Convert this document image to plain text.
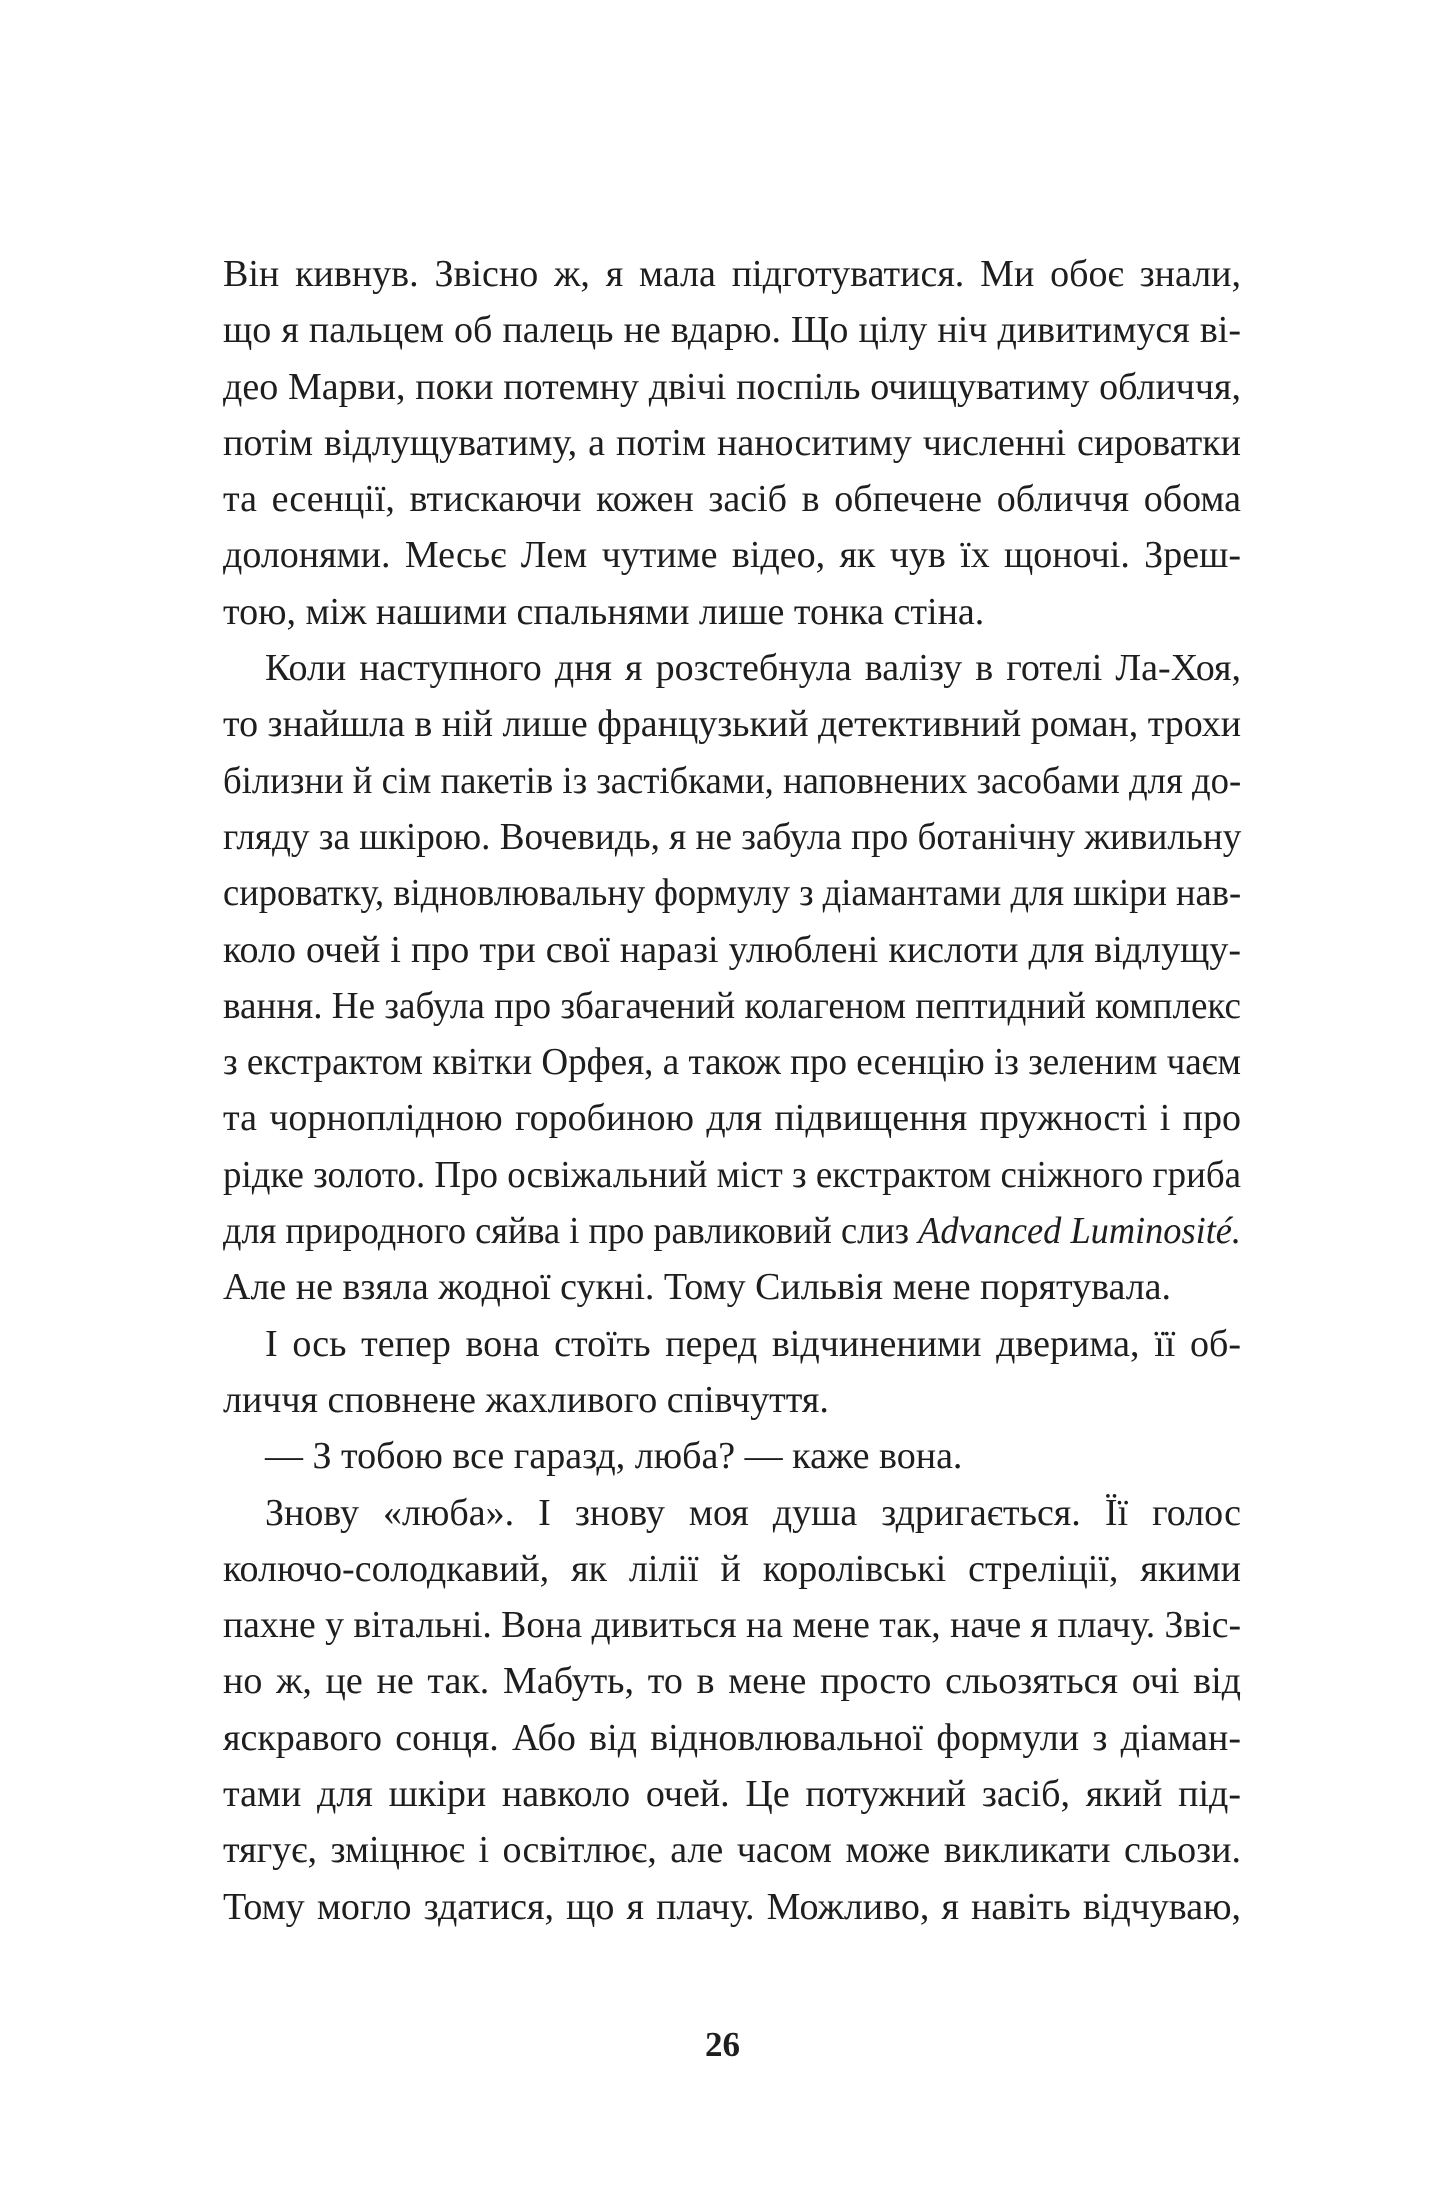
Він кивнув. Звісно ж, я мала підготуватися. Ми обоє знали,
що я пальцем об палець не вдарю. Що цілу ніч дивитимуся ві-
део Марви, поки потемну двічі поспіль очищуватиму обличчя,
потім відлущуватиму, а потім наноситиму численні сироватки
та есенції, втискаючи кожен засіб в обпечене обличчя обома
долонями. Месьє Лем чутиме відео, як чув їх щоночі. Зреш-
тою, між нашими спальнями лише тонка стіна.
Коли наступного дня я розстебнула валізу в готелі Ла-Хоя,
то знайшла в ній лише французький детективний роман, трохи
білизни й сім пакетів із застібками, наповнених засобами для до-
гляду за шкірою. Вочевидь, я не забула про ботанічну живильну
сироватку, відновлювальну формулу з діамантами для шкіри нав-
коло очей і про три свої наразі улюблені кислоти для відлущу-
вання. Не забула про збагачений колагеном пептидний комплекс
з екстрактом квітки Орфея, а також про есенцію із зеленим чаєм
та чорноплідною горобиною для підвищення пружності і про
рідке золото. Про освіжальний міст з екстрактом сніжного гриба
для природного сяйва і про равликовий слиз Advanced Luminosité.
Але не взяла жодної сукні. Тому Сильвія мене порятувала.
І ось тепер вона стоїть перед відчиненими дверима, її об-
личчя сповнене жахливого співчуття.
— З тобою все гаразд, люба? — каже вона.
Знову «люба». І знову моя душа здригається. Її голос
колючо-солодкавий, як лілії й королівські стреліції, якими
пахне у вітальні. Вона дивиться на мене так, наче я плачу. Звіс-
но ж, це не так. Мабуть, то в мене просто сльозяться очі від
яскравого сонця. Або від відновлювальної формули з діаман-
тами для шкіри навколо очей. Це потужний засіб, який під-
тягує, зміцнює і освітлює, але часом може викликати сльози.
Тому могло здатися, що я плачу. Можливо, я навіть відчуваю,
26
